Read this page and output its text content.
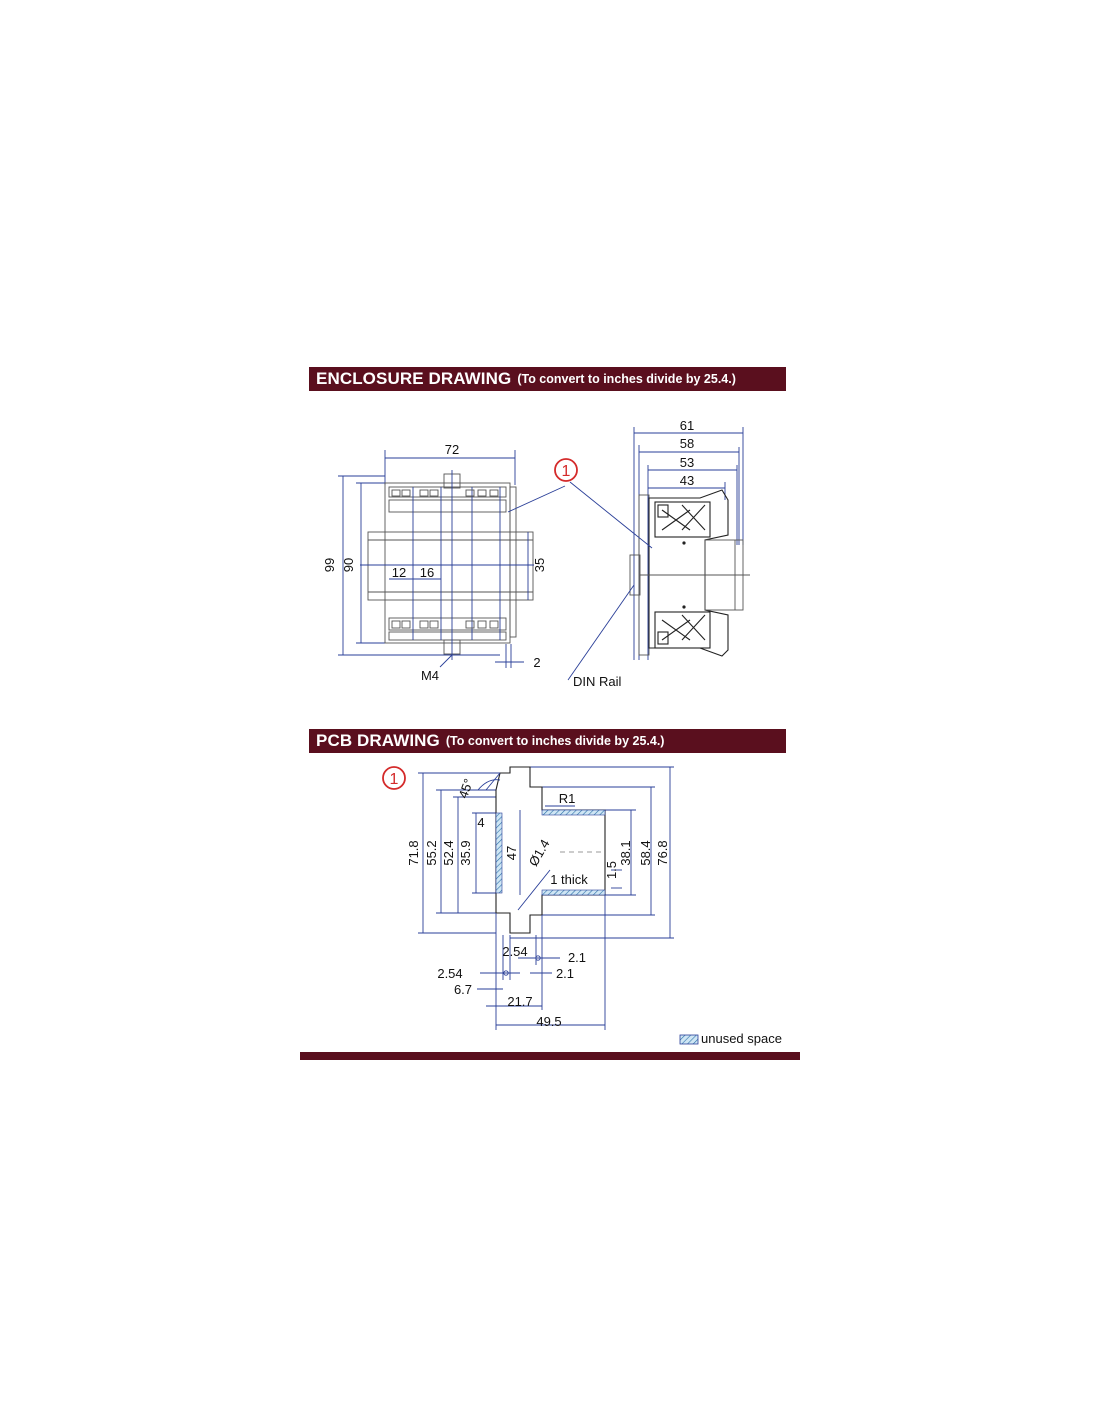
ENCLOSURE DRAWING (To convert to inches divide by 25.4.)
PCB DRAWING (To convert to inches divide by 25.4.)
72
99 90	12 16	35
2
M4
1
61
58
53
43
DIN Rail
1
71.8 55.2 52.4 35.9
4
47
45°	R1
Ø1.4
1.5
38.1 58.4 76.8
1 thick
2.54	2.1
2.54	2.1
6.7
21.7
49.5
unused space
